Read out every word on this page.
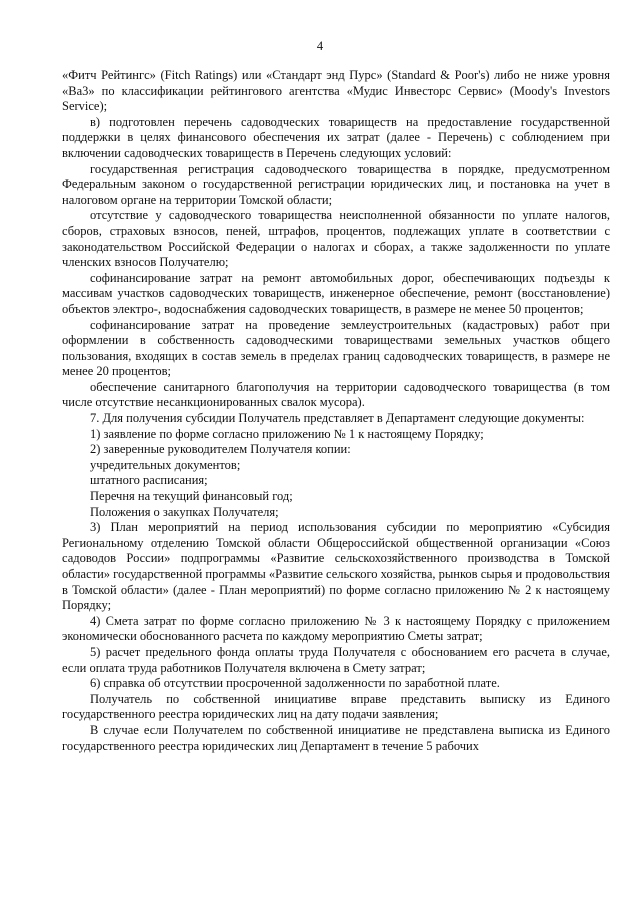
4

«Фитч Рейтингс» (Fitch Ratings) или «Стандарт энд Пурс» (Standard & Poor's) либо не ниже уровня «Ba3» по классификации рейтингового агентства «Мудис Инвесторс Сервис» (Moody's Investors Service);

в) подготовлен перечень садоводческих товариществ на предоставление государственной поддержки в целях финансового обеспечения их затрат (далее - Перечень) с соблюдением при включении садоводческих товариществ в Перечень следующих условий:

государственная регистрация садоводческого товарищества в порядке, предусмотренном Федеральным законом о государственной регистрации юридических лиц, и постановка на учет в налоговом органе на территории Томской области;

отсутствие у садоводческого товарищества неисполненной обязанности по уплате налогов, сборов, страховых взносов, пеней, штрафов, процентов, подлежащих уплате в соответствии с законодательством Российской Федерации о налогах и сборах, а также задолженности по уплате членских взносов Получателю;

софинансирование затрат на ремонт автомобильных дорог, обеспечивающих подъезды к массивам участков садоводческих товариществ, инженерное обеспечение, ремонт (восстановление) объектов электро-, водоснабжения садоводческих товариществ, в размере не менее 50 процентов;

софинансирование затрат на проведение землеустроительных (кадастровых) работ при оформлении в собственность садоводческими товариществами земельных участков общего пользования, входящих в состав земель в пределах границ садоводческих товариществ, в размере не менее 20 процентов;

обеспечение санитарного благополучия на территории садоводческого товарищества (в том числе отсутствие несанкционированных свалок мусора).

7. Для получения субсидии Получатель представляет в Департамент следующие документы:

1) заявление по форме согласно приложению № 1 к настоящему Порядку;

2) заверенные руководителем Получателя копии:

учредительных документов;

штатного расписания;

Перечня на текущий финансовый год;

Положения о закупках Получателя;

3) План мероприятий на период использования субсидии по мероприятию «Субсидия Региональному отделению Томской области Общероссийской общественной организации «Союз садоводов России» подпрограммы «Развитие сельскохозяйственного производства в Томской области» государственной программы «Развитие сельского хозяйства, рынков сырья и продовольствия в Томской области» (далее - План мероприятий) по форме согласно приложению № 2 к настоящему Порядку;

4) Смета затрат по форме согласно приложению № 3 к настоящему Порядку с приложением экономически обоснованного расчета по каждому мероприятию Сметы затрат;

5) расчет предельного фонда оплаты труда Получателя с обоснованием его расчета в случае, если оплата труда работников Получателя включена в Смету затрат;

6) справка об отсутствии просроченной задолженности по заработной плате.

Получатель по собственной инициативе вправе представить выписку из Единого государственного реестра юридических лиц на дату подачи заявления;

В случае если Получателем по собственной инициативе не представлена выписка из Единого государственного реестра юридических лиц Департамент в течение 5 рабочих
